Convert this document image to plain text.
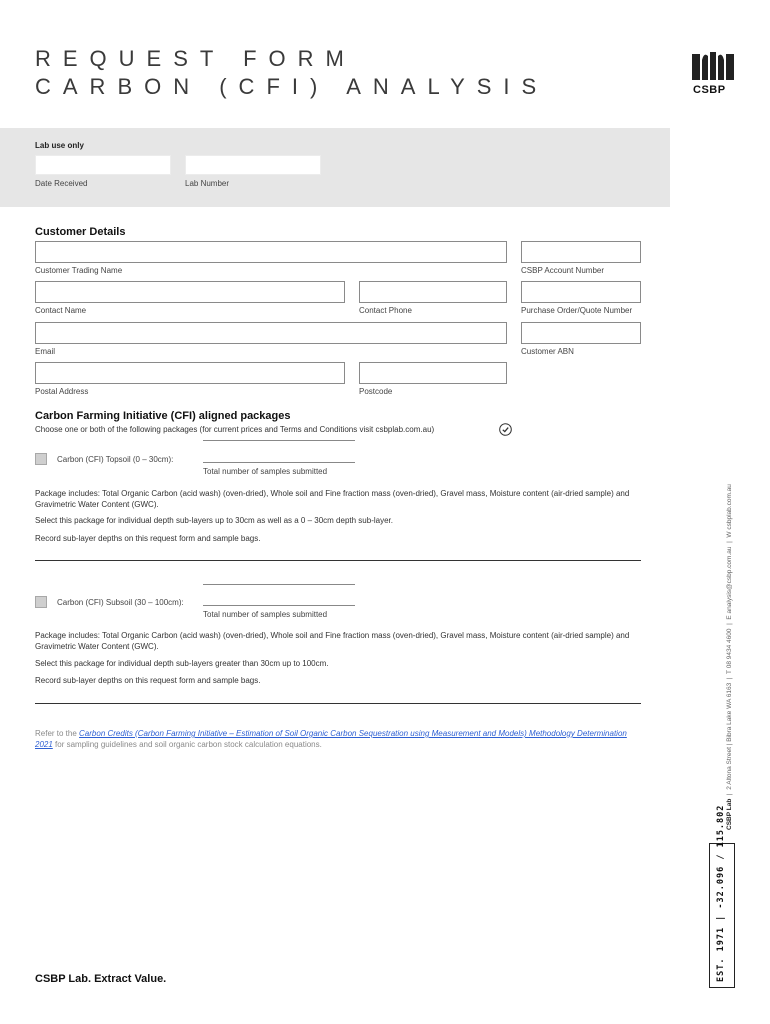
REQUEST FORM
CARBON (CFI) ANALYSIS	CSBP
Lab use only
Date Received	Lab Number
Customer Details
Customer Trading Name	CSBP Account Number
Contact Name	Contact Phone	Purchase Order/Quote Number
Email	Customer ABN
Postal Address	Postcode
Carbon Farming Initiative (CFI) aligned packages
Choose one or both of the following packages (for current prices and Terms and Conditions visit csbplab.com.au)
Carbon (CFI) Topsoil (0 – 30cm):
Total number of samples submitted
Package includes: Total Organic Carbon (acid wash) (oven-dried), Whole soil and Fine fraction mass (oven-dried), Gravel mass, Moisture content (air-dried sample) and Gravimetric Water Content (GWC).
Select this package for individual depth sub-layers up to 30cm as well as a 0 – 30cm depth sub-layer.
Record sub-layer depths on this request form and sample bags.
Carbon (CFI) Subsoil (30 – 100cm):
Total number of samples submitted
Package includes: Total Organic Carbon (acid wash) (oven-dried), Whole soil and Fine fraction mass (oven-dried), Gravel mass, Moisture content (air-dried sample) and Gravimetric Water Content (GWC).
Select this package for individual depth sub-layers greater than 30cm up to 100cm.
Record sub-layer depths on this request form and sample bags.
Refer to the Carbon Credits (Carbon Farming Initiative – Estimation of Soil Organic Carbon Sequestration using Measurement and Models) Methodology Determination 2021 for sampling guidelines and soil organic carbon stock calculation equations.
CSBP Lab  |  2 Altona Street | Bibra Lake WA 6163  |  T 08 9434 4600  |  E analysis@csbp.com.au  |  W csbplab.com.au
EST. 1971 | -32.096 / 115.802
CSBP Lab. Extract Value.
